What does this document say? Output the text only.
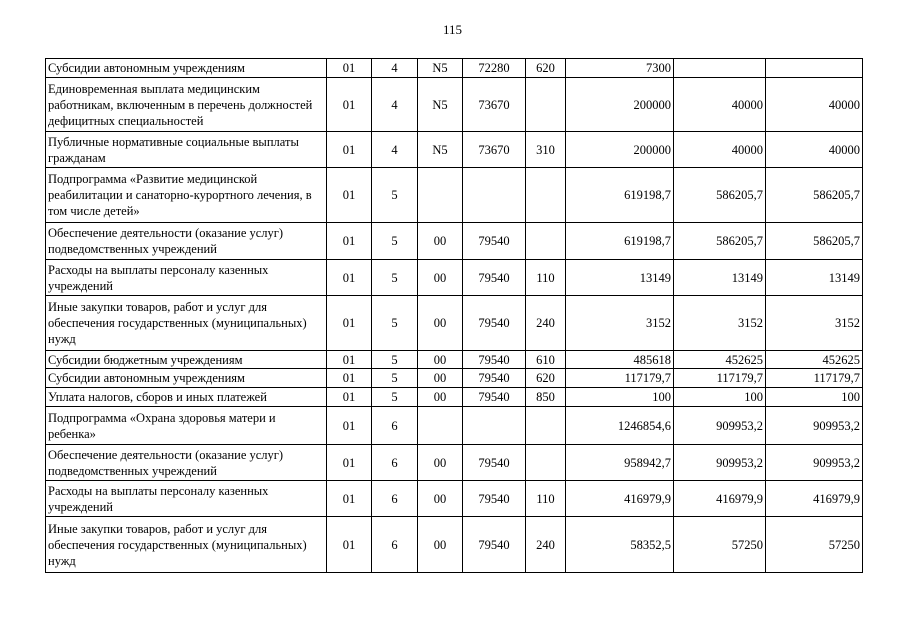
115
Субсидии автономным учреждениям	01	4	N5	72280	620	7300		
Единовременная выплата медицинским работникам, включенным в перечень должностей дефицитных специальностей	01	4	N5	73670		200000	40000	40000
Публичные нормативные социальные выплаты гражданам	01	4	N5	73670	310	200000	40000	40000
Подпрограмма «Развитие медицинской реабилитации и санаторно-курортного лечения, в том числе детей»	01	5				619198,7	586205,7	586205,7
Обеспечение деятельности (оказание услуг) подведомственных учреждений	01	5	00	79540		619198,7	586205,7	586205,7
Расходы на выплаты персоналу казенных учреждений	01	5	00	79540	110	13149	13149	13149
Иные закупки товаров, работ и услуг для обеспечения государственных (муниципальных) нужд	01	5	00	79540	240	3152	3152	3152
Субсидии бюджетным учреждениям	01	5	00	79540	610	485618	452625	452625
Субсидии автономным учреждениям	01	5	00	79540	620	117179,7	117179,7	117179,7
Уплата налогов, сборов и иных платежей	01	5	00	79540	850	100	100	100
Подпрограмма «Охрана здоровья матери и ребенка»	01	6				1246854,6	909953,2	909953,2
Обеспечение деятельности (оказание услуг) подведомственных учреждений	01	6	00	79540		958942,7	909953,2	909953,2
Расходы на выплаты персоналу казенных учреждений	01	6	00	79540	110	416979,9	416979,9	416979,9
Иные закупки товаров, работ и услуг для обеспечения государственных (муниципальных) нужд	01	6	00	79540	240	58352,5	57250	57250
